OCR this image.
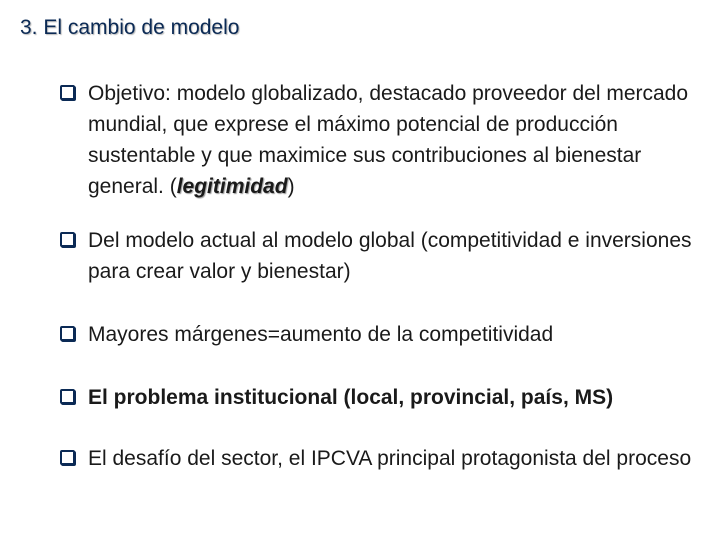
3. El cambio de modelo
Objetivo: modelo globalizado, destacado proveedor del mercado mundial, que exprese el máximo potencial de producción sustentable y que maximice sus contribuciones al bienestar general. (legitimidad)
Del modelo actual al modelo global (competitividad e inversiones para crear valor y bienestar)
Mayores márgenes=aumento de la competitividad
El problema institucional (local, provincial, país, MS)
El desafío del sector, el IPCVA principal protagonista del proceso
